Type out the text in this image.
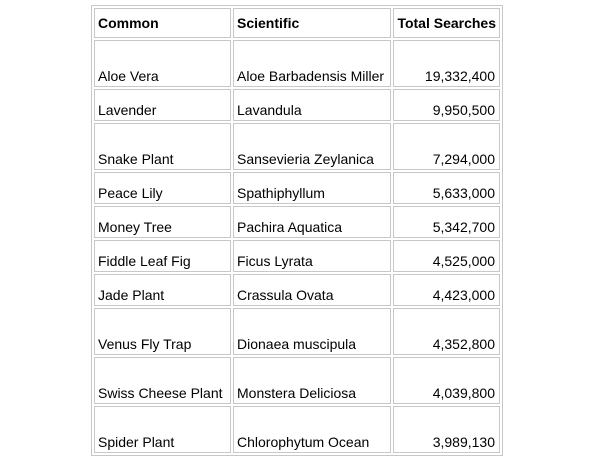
Common	Scientific	Total Searches
Aloe Vera	Aloe Barbadensis Miller	19,332,400
Lavender	Lavandula	9,950,500
Snake Plant	Sansevieria Zeylanica	7,294,000
Peace Lily	Spathiphyllum	5,633,000
Money Tree	Pachira Aquatica	5,342,700
Fiddle Leaf Fig	Ficus Lyrata	4,525,000
Jade Plant	Crassula Ovata	4,423,000
Venus Fly Trap	Dionaea muscipula	4,352,800
Swiss Cheese Plant	Monstera Deliciosa	4,039,800
Spider Plant	Chlorophytum Ocean	3,989,130
